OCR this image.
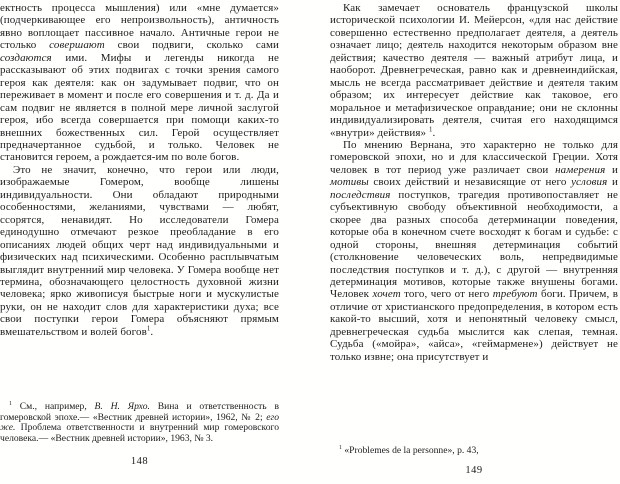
ектность процесса мышления) или «мне думается» (подчеркивающее его непроизвольность), античность явно воплощает пассивное начало. Античные герои не столько совершают свои подвиги, сколько сами создаются ими. Мифы и легенды никогда не рассказывают об этих подвигах с точки зрения самого героя как деятеля: как он задумывает подвиг, что он переживает в момент и после его совершения и т. д. Да и сам подвиг не является в полной мере личной заслугой героя, ибо всегда совершается при помощи каких-то внешних божественных сил. Герой осуществляет предначертанное судьбой, и только. Человек не становится героем, а рождается-им по воле богов.

Это не значит, конечно, что герои или люди, изображаемые Гомером, вообще лишены индивидуальности. Они обладают природными особенностями, желаниями, чувствами — любят, ссорятся, ненавидят. Но исследователи Гомера единодушно отмечают резкое преобладание в его описаниях людей общих черт над индивидуальными и физических над психическими. Особенно расплывчатым выглядит внутренний мир человека. У Гомера вообще нет термина, обозначающего целостность духовной жизни человека; ярко живописуя быстрые ноги и мускулистые руки, он не находит слов для характеристики духа; все свои поступки герои Гомера объясняют прямым вмешательством и волей богов$^1$.

$^1$ См., например, В. Н. Ярхо. Вина и ответственность в гомеровской эпохе.— «Вестник древней истории», 1962, № 2; его же. Проблема ответственности и внутренний мир гомеровского человека.— «Вестник древней истории», 1963, № 3.

148

Как замечает основатель французской школы исторической психологии И. Мейерсон, «для нас действие совершенно естественно предполагает деятеля, а деятель означает лицо; деятель находится некоторым образом вне действия; качество деятеля — важный атрибут лица, и наоборот. Древнегреческая, равно как и древнеиндийская, мысль не всегда рассматривает действие и деятеля таким образом; их интересует действие как таковое, его моральное и метафизическое оправдание; они не склонны индивидуализировать деятеля, считая его находящимся «внутри» действия» $^1$.

По мнению Вернана, это характерно не только для гомеровской эпохи, но и для классической Греции. Хотя человек в тот период уже различает свои намерения и мотивы своих действий и независящие от него условия и последствия поступков, трагедия противопоставляет не субъективную свободу объективной необходимости, а скорее два разных способа детерминации поведения, которые оба в конечном счете восходят к богам и судьбе: с одной стороны, внешняя детерминация событий (столкновение человеческих воль, непредвидимые последствия поступков и т. д.), с другой — внутренняя детерминация мотивов, которые также внушены богами. Человек хочет того, чего от него требуют боги. Причем, в отличие от христианского предопределения, в котором есть какой-то высший, хотя и непонятный человеку смысл, древнегреческая судьба мыслится как слепая, темная. Судьба («мойра», «айса», «геймармене») действует не только извне; она присутствует и

$^1$ «Problemes de la personne», p. 43,

149
